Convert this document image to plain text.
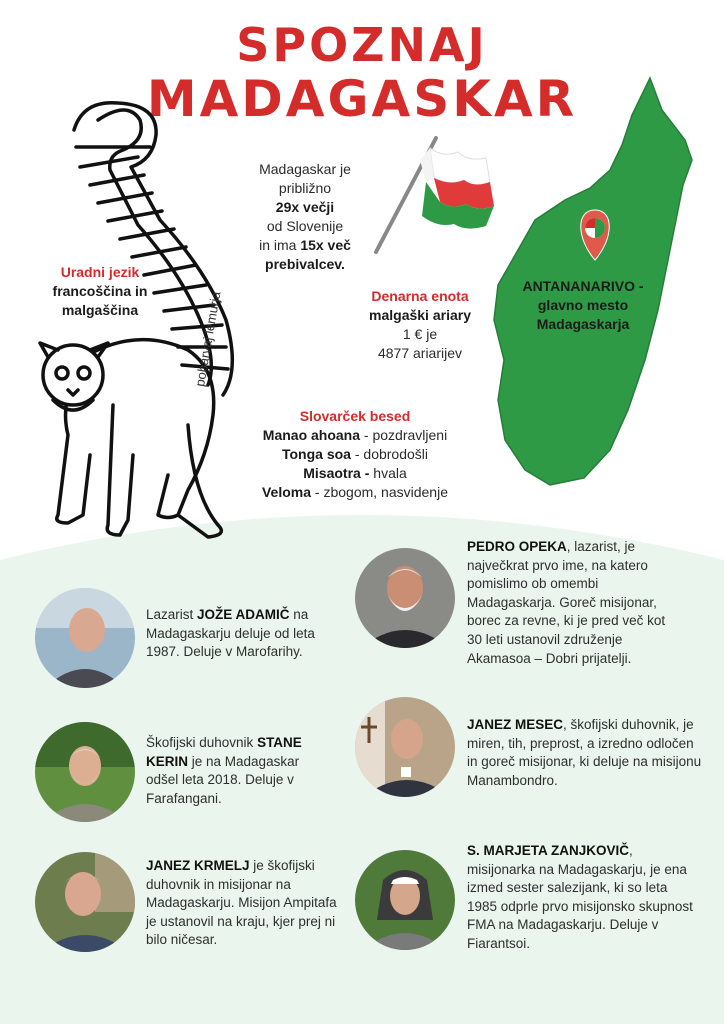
SPOZNAJ
MADAGASKAR
pobarvaj lemurja
Uradni jezik
francoščina in
malgaščina
Madagaskar je
približno
29x večji
od Slovenije
in ima 15x več
prebivalcev.
ANTANANARIVO -
glavno mesto
Madagaskarja
Denarna enota
malgaški ariary
1 € je
4877 ariarijev
Slovarček besed
Manao ahoana - pozdravljeni
Tonga soa - dobrodošli
Misaotra - hvala
Veloma - zbogom, nasvidenje
Lazarist JOŽE ADAMIČ na Madagaskarju deluje od leta 1987. Deluje v Marofarihy.
Škofijski duhovnik STANE KERIN je na Madagaskar odšel leta 2018. Deluje v Farafangani.
JANEZ KRMELJ je škofijski duhovnik in misijonar na Madagaskarju. Misijon Ampitafa je ustanovil na kraju, kjer prej ni bilo ničesar.
PEDRO OPEKA, lazarist, je največkrat prvo ime, na katero pomislimo ob omembi Madagaskarja. Goreč misijonar, borec za revne, ki je pred več kot 30 leti ustanovil združenje Akamasoa – Dobri prijatelji.
JANEZ MESEC, škofijski duhovnik, je miren, tih, preprost, a izredno odločen in goreč misijonar, ki deluje na misijonu Manambondro.
S. MARJETA ZANJKOVIČ, misijonarka na Madagaskarju, je ena izmed sester salezijank, ki so leta 1985 odprle prvo misijonsko skupnost FMA na Madagaskarju. Deluje v Fiarantsoi.
